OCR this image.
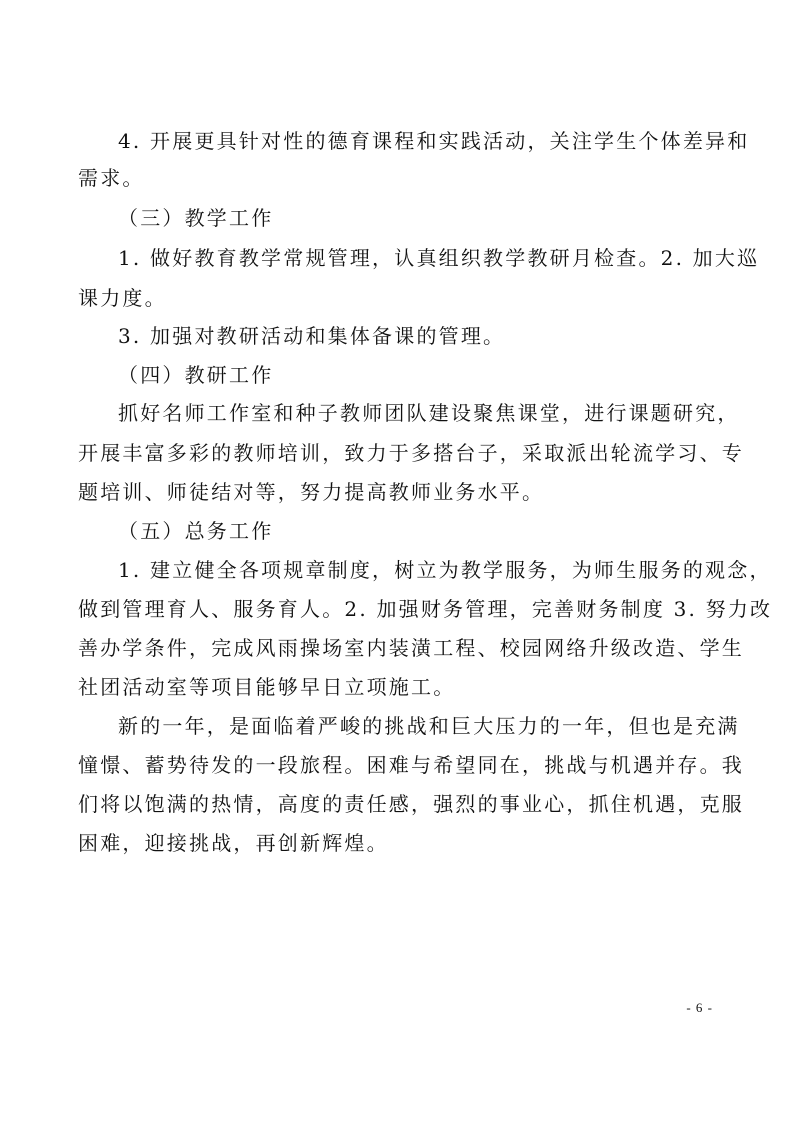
4. 开展更具针对性的德育课程和实践活动，关注学生个体差异和
需求。
（三）教学工作
1. 做好教育教学常规管理，认真组织教学教研月检查。2. 加大巡
课力度。
3. 加强对教研活动和集体备课的管理。
（四）教研工作
抓好名师工作室和种子教师团队建设聚焦课堂，进行课题研究，
开展丰富多彩的教师培训，致力于多搭台子，采取派出轮流学习、专
题培训、师徒结对等，努力提高教师业务水平。
（五）总务工作
1. 建立健全各项规章制度，树立为教学服务，为师生服务的观念，
做到管理育人、服务育人。2. 加强财务管理，完善财务制度 3. 努力改
善办学条件，完成风雨操场室内装潢工程、校园网络升级改造、学生
社团活动室等项目能够早日立项施工。
新的一年，是面临着严峻的挑战和巨大压力的一年，但也是充满
憧憬、蓄势待发的一段旅程。困难与希望同在，挑战与机遇并存。我
们将以饱满的热情，高度的责任感，强烈的事业心，抓住机遇，克服
困难，迎接挑战，再创新辉煌。
- 6 -
